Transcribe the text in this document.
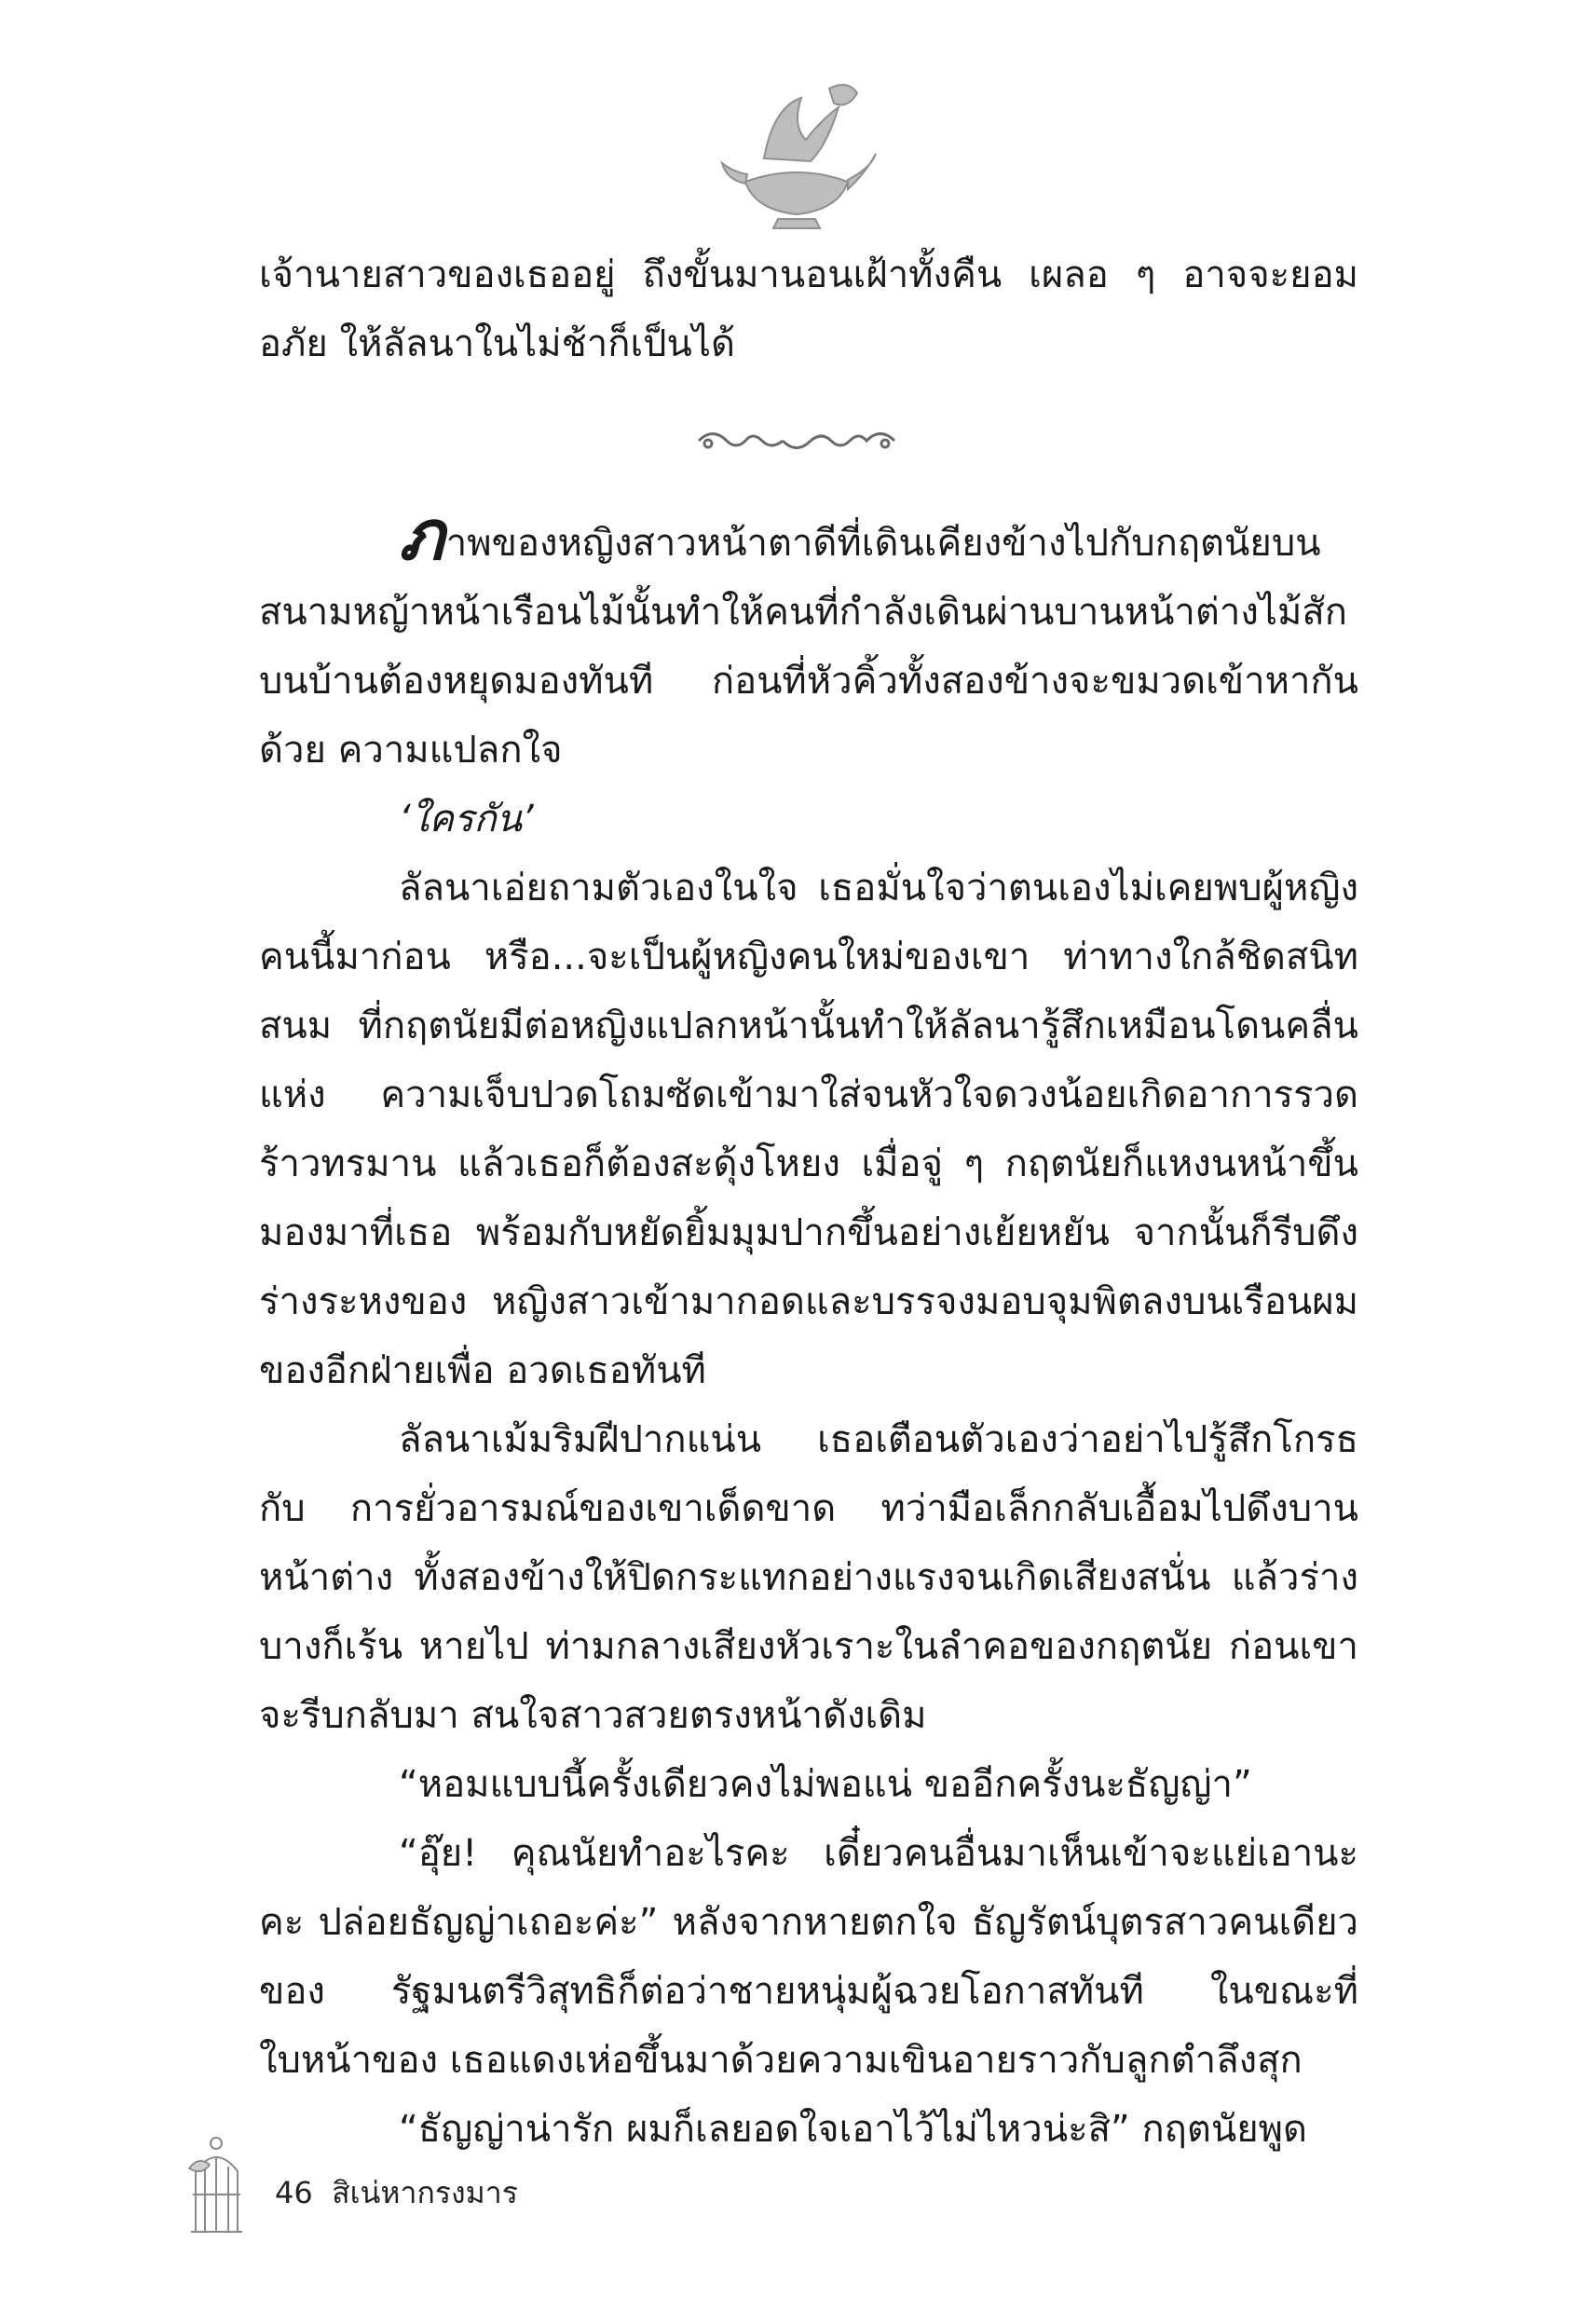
เจ้านายสาวของเธออยู่ ถึงขั้นมานอนเฝ้าทั้งคืน เผลอ ๆ อาจจะยอมอภัย ให้ลัลนาในไม่ช้าก็เป็นได้

ภาพของหญิงสาวหน้าตาดีที่เดินเคียงข้างไปกับกฤตนัยบน สนามหญ้าหน้าเรือนไม้นั้นทำให้คนที่กำลังเดินผ่านบานหน้าต่างไม้สัก บนบ้านต้องหยุดมองทันที ก่อนที่หัวคิ้วทั้งสองข้างจะขมวดเข้าหากันด้วย ความแปลกใจ

‘ใครกัน’

ลัลนาเอ่ยถามตัวเองในใจ เธอมั่นใจว่าตนเองไม่เคยพบผู้หญิง คนนี้มาก่อน หรือ...จะเป็นผู้หญิงคนใหม่ของเขา ท่าทางใกล้ชิดสนิทสนม ที่กฤตนัยมีต่อหญิงแปลกหน้านั้นทำให้ลัลนารู้สึกเหมือนโดนคลื่นแห่ง ความเจ็บปวดโถมซัดเข้ามาใส่จนหัวใจดวงน้อยเกิดอาการรวดร้าวทรมาน แล้วเธอก็ต้องสะดุ้งโหยง เมื่อจู่ ๆ กฤตนัยก็แหงนหน้าขึ้นมองมาที่เธอ พร้อมกับหยัดยิ้มมุมปากขึ้นอย่างเย้ยหยัน จากนั้นก็รีบดึงร่างระหงของ หญิงสาวเข้ามากอดและบรรจงมอบจุมพิตลงบนเรือนผมของอีกฝ่ายเพื่อ อวดเธอทันที

ลัลนาเม้มริมฝีปากแน่น เธอเตือนตัวเองว่าอย่าไปรู้สึกโกรธกับ การยั่วอารมณ์ของเขาเด็ดขาด ทว่ามือเล็กกลับเอื้อมไปดึงบานหน้าต่าง ทั้งสองข้างให้ปิดกระแทกอย่างแรงจนเกิดเสียงสนั่น แล้วร่างบางก็เร้น หายไป ท่ามกลางเสียงหัวเราะในลำคอของกฤตนัย ก่อนเขาจะรีบกลับมา สนใจสาวสวยตรงหน้าดังเดิม

“หอมแบบนี้ครั้งเดียวคงไม่พอแน่ ขออีกครั้งนะธัญญ่า”

“อุ๊ย! คุณนัยทำอะไรคะ เดี๋ยวคนอื่นมาเห็นเข้าจะแย่เอานะคะ ปล่อยธัญญ่าเถอะค่ะ” หลังจากหายตกใจ ธัญรัตน์บุตรสาวคนเดียวของ รัฐมนตรีวิสุทธิก็ต่อว่าชายหนุ่มผู้ฉวยโอกาสทันที ในขณะที่ใบหน้าของ เธอแดงเห่อขึ้นมาด้วยความเขินอายราวกับลูกตำลึงสุก

“ธัญญ่าน่ารัก ผมก็เลยอดใจเอาไว้ไม่ไหวน่ะสิ” กฤตนัยพูด

46 สิเน่หากรงมาร
